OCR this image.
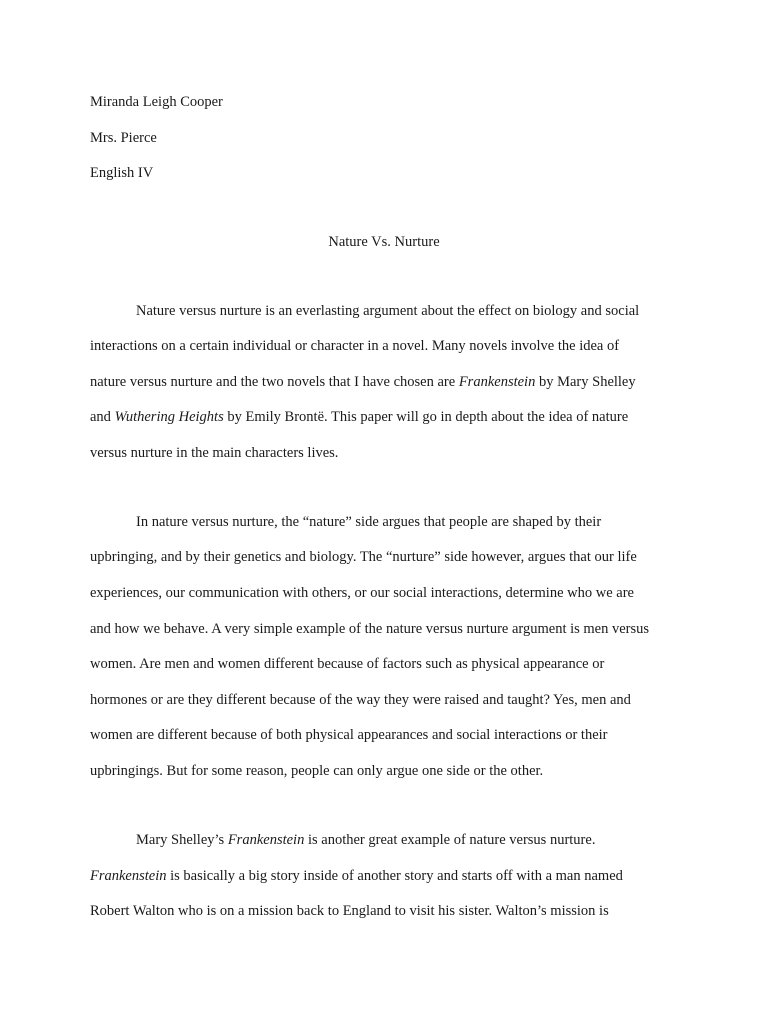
Miranda Leigh Cooper
Mrs. Pierce
English IV
Nature Vs. Nurture
Nature versus nurture is an everlasting argument about the effect on biology and social
interactions on a certain individual or character in a novel. Many novels involve the idea of
nature versus nurture and the two novels that I have chosen are Frankenstein by Mary Shelley
and Wuthering Heights by Emily Brontë. This paper will go in depth about the idea of nature
versus nurture in the main characters lives.
In nature versus nurture, the “nature” side argues that people are shaped by their
upbringing, and by their genetics and biology. The “nurture” side however, argues that our life
experiences, our communication with others, or our social interactions, determine who we are
and how we behave. A very simple example of the nature versus nurture argument is men versus
women. Are men and women different because of factors such as physical appearance or
hormones or are they different because of the way they were raised and taught? Yes, men and
women are different because of both physical appearances and social interactions or their
upbringings. But for some reason, people can only argue one side or the other.
Mary Shelley’s Frankenstein is another great example of nature versus nurture.
Frankenstein is basically a big story inside of another story and starts off with a man named
Robert Walton who is on a mission back to England to visit his sister. Walton’s mission is
